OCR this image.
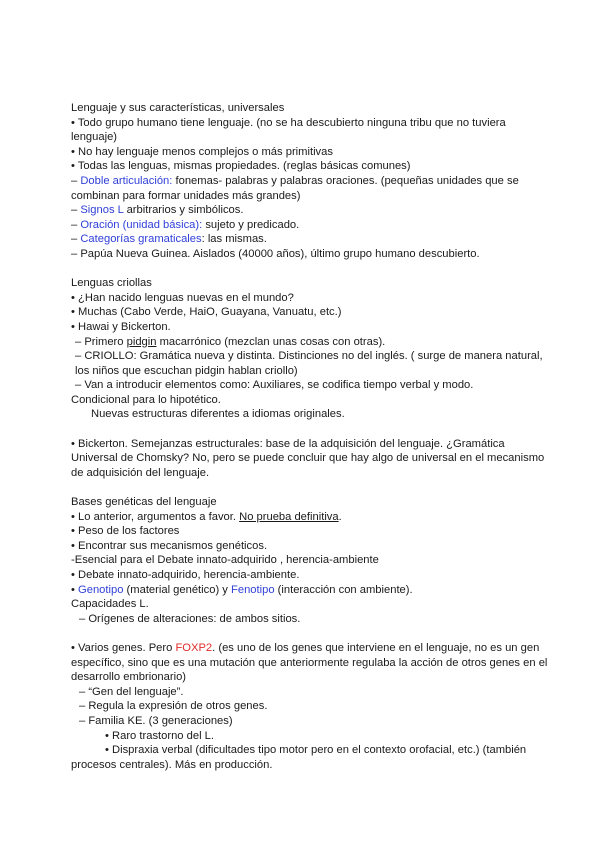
Lenguaje y sus características, universales
• Todo grupo humano tiene lenguaje. (no se ha descubierto ninguna tribu que no tuviera lenguaje)
• No hay lenguaje menos complejos o más primitivas
• Todas las lenguas, mismas propiedades. (reglas básicas comunes)
– Doble articulación: fonemas- palabras y palabras oraciones. (pequeñas unidades que se combinan para formar unidades más grandes)
– Signos L arbitrarios y simbólicos.
– Oración (unidad básica): sujeto y predicado.
– Categorías gramaticales: las mismas.
– Papúa Nueva Guinea. Aislados (40000 años), último grupo humano descubierto.
Lenguas criollas
• ¿Han nacido lenguas nuevas en el mundo?
• Muchas (Cabo Verde, HaiO, Guayana, Vanuatu, etc.)
• Hawai y Bickerton.
– Primero pidgin macarrónico (mezclan unas cosas con otras).
– CRIOLLO: Gramática nueva y distinta. Distinciones no del inglés. ( surge de manera natural, los niños que escuchan pidgin hablan criollo)
– Van a introducir elementos como: Auxiliares, se codifica tiempo verbal y modo.
Condicional para lo hipotético.
Nuevas estructuras diferentes a idiomas originales.
• Bickerton. Semejanzas estructurales: base de la adquisición del lenguaje. ¿Gramática Universal de Chomsky? No, pero se puede concluir que hay algo de universal en el mecanismo de adquisición del lenguaje.
Bases genéticas del lenguaje
• Lo anterior, argumentos a favor. No prueba definitiva.
• Peso de los factores
• Encontrar sus mecanismos genéticos.
-Esencial para el Debate innato-adquirido , herencia-ambiente
• Debate innato-adquirido, herencia-ambiente.
• Genotipo (material genético) y Fenotipo (interacción con ambiente).
Capacidades L.
– Orígenes de alteraciones: de ambos sitios.
• Varios genes. Pero FOXP2. (es uno de los genes que interviene en el lenguaje, no es un gen específico, sino que es una mutación que anteriormente regulaba la acción de otros genes en el desarrollo embrionario)
– “Gen del lenguaje”.
– Regula la expresión de otros genes.
– Familia KE. (3 generaciones)
• Raro trastorno del L.
• Dispraxia verbal (dificultades tipo motor pero en el contexto orofacial, etc.) (también procesos centrales). Más en producción.
